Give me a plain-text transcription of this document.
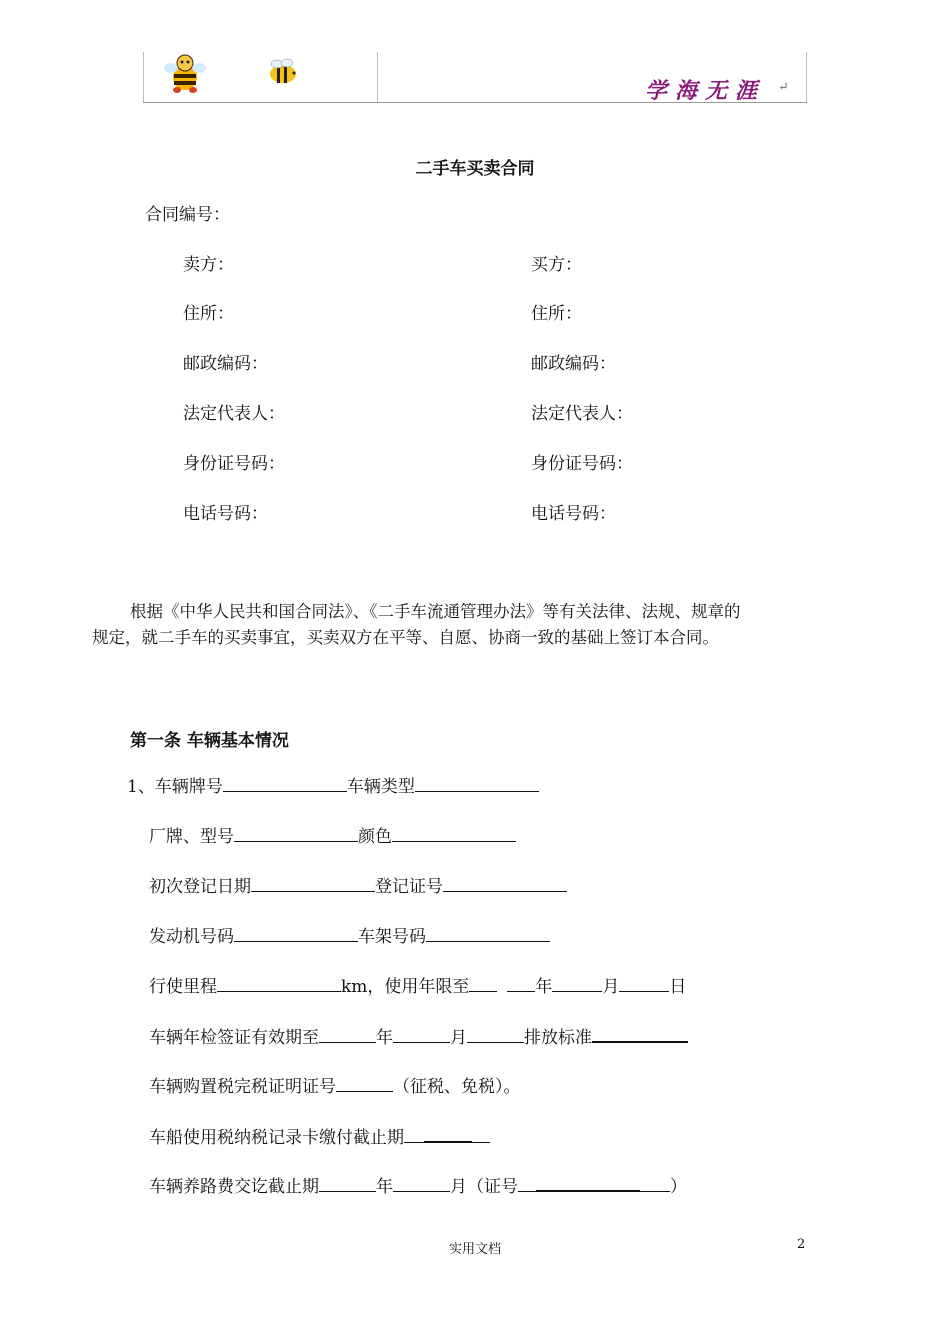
学海无涯 ↵
二手车买卖合同
合同编号：
卖方：	买方：
住所：	住所：
邮政编码：	邮政编码：
法定代表人：	法定代表人：
身份证号码：	身份证号码：
电话号码：	电话号码：
根据《中华人民共和国合同法》、《二手车流通管理办法》等有关法律、法规、规章的
规定，就二手车的买卖事宜，买卖双方在平等、自愿、协商一致的基础上签订本合同。
第一条 车辆基本情况
1、车辆牌号	车辆类型
厂牌、型号	颜色
初次登记日期	登记证号
发动机号码	车架号码
行使里程	km，使用年限至	年	月	日
车辆年检签证有效期至	年	月	排放标准
车辆购置税完税证明证号	（征税、免税）。
车船使用税纳税记录卡缴付截止期
车辆养路费交讫截止期	年	月（证号	）
实用文档	2
